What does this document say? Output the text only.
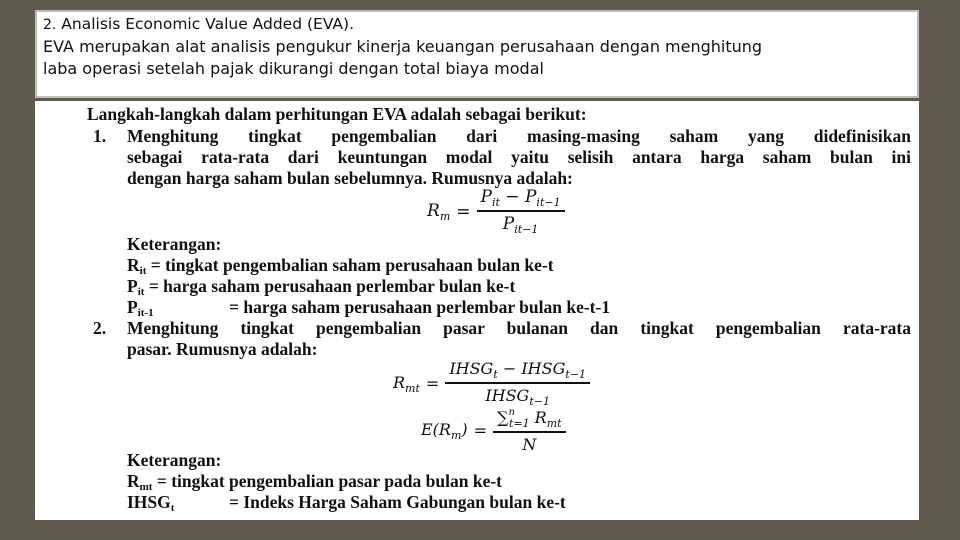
2. Analisis Economic Value Added (EVA).
EVA merupakan alat analisis pengukur kinerja keuangan perusahaan dengan menghitung
laba operasi setelah pajak dikurangi dengan total biaya modal
Langkah-langkah dalam perhitungan EVA adalah sebagai berikut:
1. Menghitung tingkat pengembalian dari masing-masing saham yang didefinisikan
sebagai rata-rata dari keuntungan modal yaitu selisih antara harga saham bulan ini
dengan harga saham bulan sebelumnya. Rumusnya adalah:
$R_m = \frac{P_{it} - P_{it-1}}{P_{it-1}}$
Keterangan:
$R_{it}$ = tingkat pengembalian saham perusahaan bulan ke-t
$P_{it}$ = harga saham perusahaan perlembar bulan ke-t
$P_{it-1}$	= harga saham perusahaan perlembar bulan ke-t-1
2. Menghitung tingkat pengembalian pasar bulanan dan tingkat pengembalian rata-rata
pasar. Rumusnya adalah:
$R_{mt} = \frac{IHSG_t - IHSG_{t-1}}{IHSG_{t-1}}$
$E(R_m) = \frac{\sum^n_{t=1} R_{mt}}{N}$
Keterangan:
$R_{mt}$ = tingkat pengembalian pasar pada bulan ke-t
$IHSG_t$	= Indeks Harga Saham Gabungan bulan ke-t
